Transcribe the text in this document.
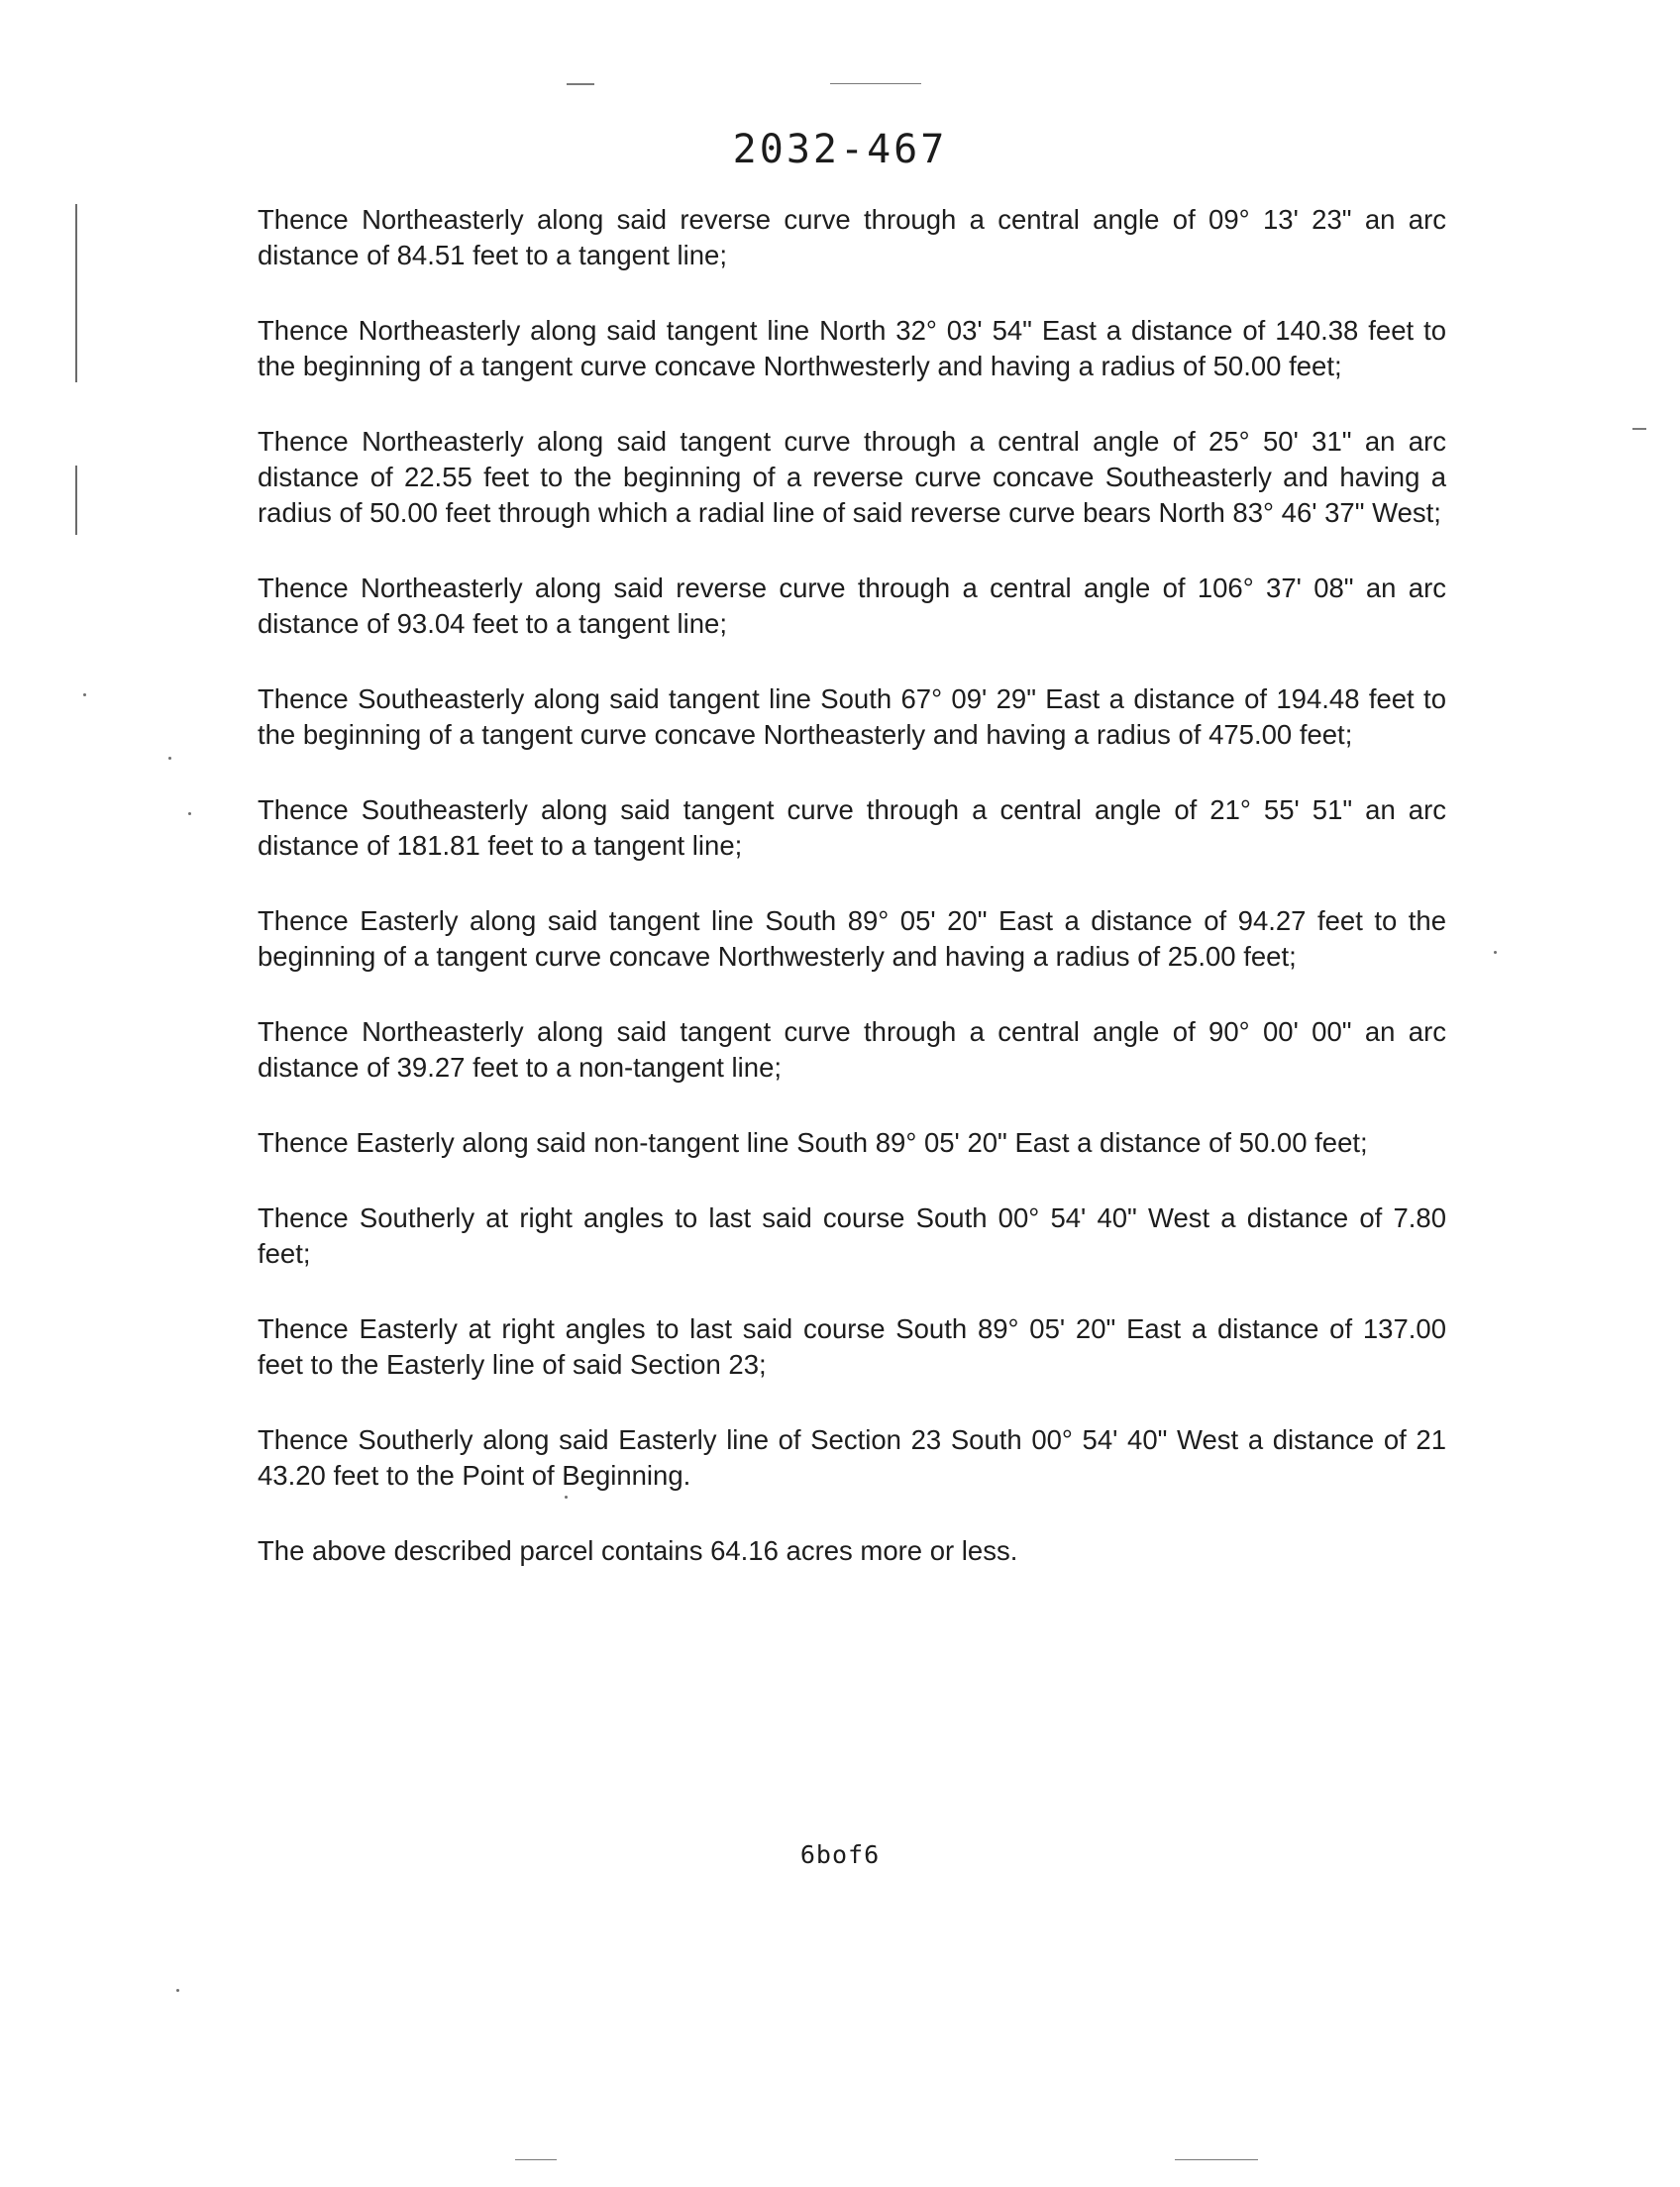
2032-467

Thence Northeasterly along said reverse curve through a central angle of 09° 13' 23" an arc distance of 84.51 feet to a tangent line;

Thence Northeasterly along said tangent line North 32° 03' 54" East a distance of 140.38 feet to the beginning of a tangent curve concave Northwesterly and having a radius of 50.00 feet;

Thence Northeasterly along said tangent curve through a central angle of 25° 50' 31" an arc distance of 22.55 feet to the beginning of a reverse curve concave Southeasterly and having a radius of 50.00 feet through which a radial line of said reverse curve bears North 83° 46' 37" West;

Thence Northeasterly along said reverse curve through a central angle of 106° 37' 08" an arc distance of 93.04 feet to a tangent line;

Thence Southeasterly along said tangent line South 67° 09' 29" East a distance of 194.48 feet to the beginning of a tangent curve concave Northeasterly and having a radius of 475.00 feet;

Thence Southeasterly along said tangent curve through a central angle of 21° 55' 51" an arc distance of 181.81 feet to a tangent line;

Thence Easterly along said tangent line South 89° 05' 20" East a distance of 94.27 feet to the beginning of a tangent curve concave Northwesterly and having a radius of 25.00 feet;

Thence Northeasterly along said tangent curve through a central angle of 90° 00' 00" an arc distance of 39.27 feet to a non-tangent line;

Thence Easterly along said non-tangent line South 89° 05' 20" East a distance of 50.00 feet;

Thence Southerly at right angles to last said course South 00° 54' 40" West a distance of 7.80 feet;

Thence Easterly at right angles to last said course South 89° 05' 20" East a distance of 137.00 feet to the Easterly line of said Section 23;

Thence Southerly along said Easterly line of Section 23 South 00° 54' 40" West a distance of 21 43.20 feet to the Point of Beginning.

The above described parcel contains 64.16 acres more or less.

6bof6
